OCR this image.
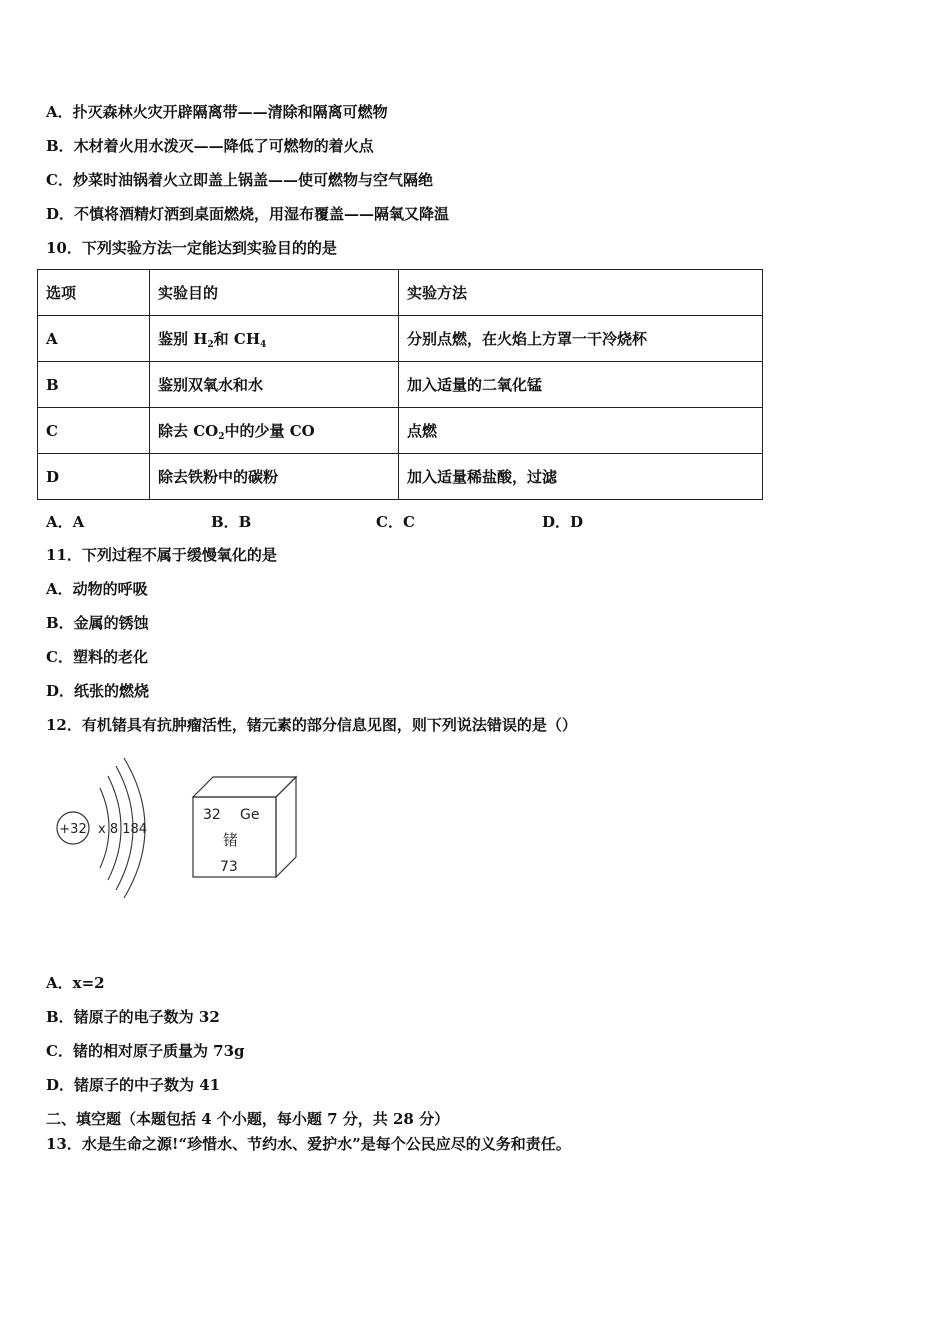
A．扑灭森林火灾开辟隔离带——清除和隔离可燃物
B．木材着火用水泼灭——降低了可燃物的着火点
C．炒菜时油锅着火立即盖上锅盖——使可燃物与空气隔绝
D．不慎将酒精灯洒到桌面燃烧，用湿布覆盖——隔氧又降温
10．下列实验方法一定能达到实验目的的是
选项	实验目的	实验方法
A	鉴别 $H_2$和 $CH_4$	分别点燃，在火焰上方罩一干冷烧杯
B	鉴别双氧水和水	加入适量的二氧化锰
C	除去 $CO_2$中的少量 CO	点燃
D	除去铁粉中的碳粉	加入适量稀盐酸，过滤
A．A	B．B	C．C	D．D
11．下列过程不属于缓慢氧化的是
A．动物的呼吸
B．金属的锈蚀
C．塑料的老化
D．纸张的燃烧
12．有机锗具有抗肿瘤活性，锗元素的部分信息见图，则下列说法错误的是（）
+32 x 8 184
32 Ge
锗
73
A．x=2
B．锗原子的电子数为 32
C．锗的相对原子质量为 73g
D．锗原子的中子数为 41
二、填空题（本题包括 4 个小题，每小题 7 分，共 28 分）
13．水是生命之源!“珍惜水、节约水、爱护水”是每个公民应尽的义务和责任。
